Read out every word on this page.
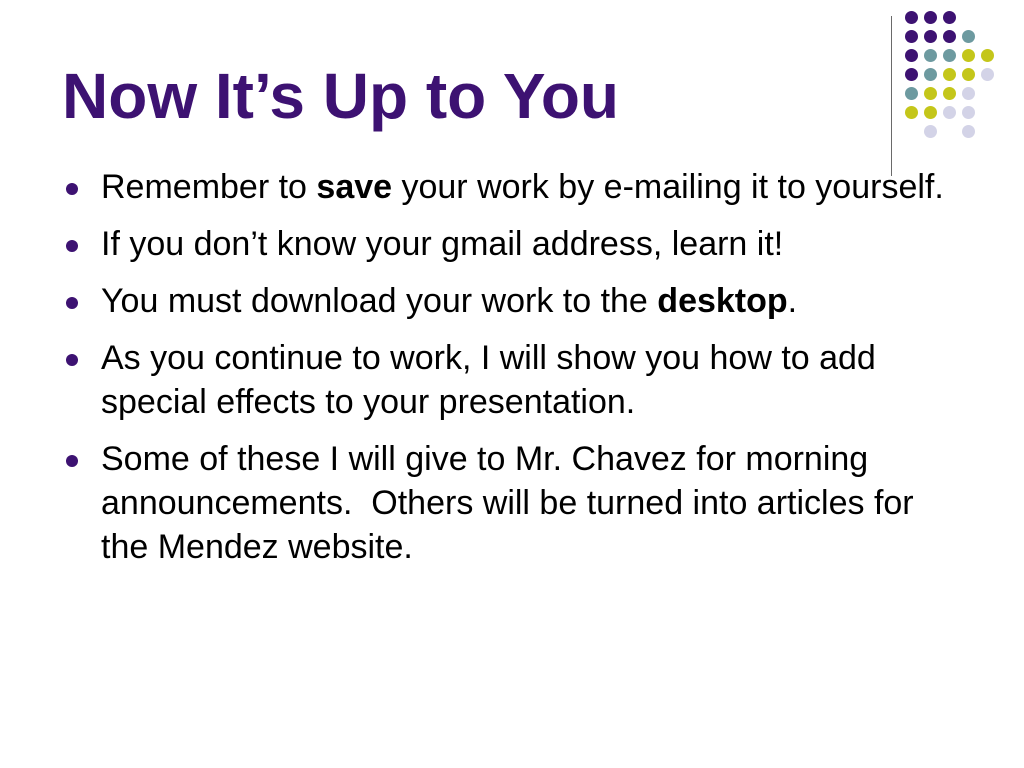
Now It’s Up to You
Remember to save your work by e-mailing it to yourself.
If you don’t know your gmail address, learn it!
You must download your work to the desktop.
As you continue to work, I will show you how to add special effects to your presentation.
Some of these I will give to Mr. Chavez for morning announcements.  Others will be turned into articles for the Mendez website.
